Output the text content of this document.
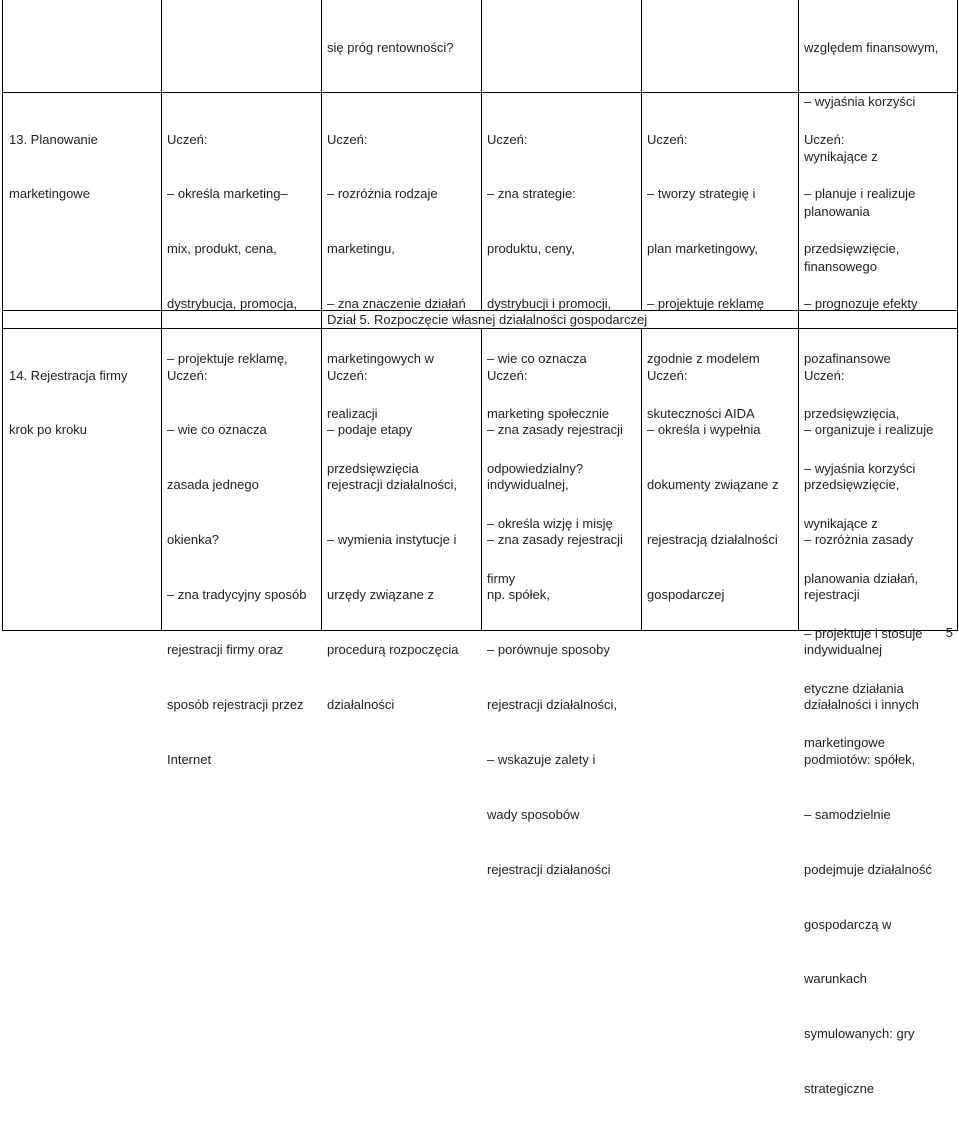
się próg rentowności?

	względem finansowym,

– wyjaśnia korzyści

wynikające z

planowania

finansowego

13. Planowanie

marketingowe

Uczeń:

– określa marketing–

mix, produkt, cena,

dystrybucja, promocja,

– projektuje reklamę,

Uczeń:

– rozróżnia rodzaje

marketingu,

– zna znaczenie działań

marketingowych w

realizacji

przedsięwzięcia

Uczeń:

– zna strategie:

produktu, ceny,

dystrybucji i promocji,

– wie co oznacza

marketing społecznie

odpowiedzialny?

– określa wizję i misję

firmy

Uczeń:

– tworzy strategię i

plan marketingowy,

– projektuje reklamę

zgodnie z modelem

skuteczności AIDA

Uczeń:

– planuje i realizuje

przedsięwzięcie,

– prognozuje efekty

pozafinansowe

przedsięwzięcia,

– wyjaśnia korzyści

wynikające z

planowania działań,

– projektuje i stosuje

etyczne działania

marketingowe

Dział 5. Rozpoczęcie własnej działalności gospodarczej

14. Rejestracja firmy

krok po kroku

Uczeń:

– wie co oznacza

zasada jednego

okienka?

– zna tradycyjny sposób

rejestracji firmy oraz

sposób rejestracji przez

Internet

Uczeń:

– podaje etapy

rejestracji działalności,

– wymienia instytucje i

urzędy związane z

procedurą rozpoczęcia

działalności

Uczeń:

– zna zasady rejestracji

indywidualnej,

– zna zasady rejestracji

np. spółek,

– porównuje sposoby

rejestracji działalności,

– wskazuje zalety i

wady sposobów

rejestracji działaności

Uczeń:

– określa i wypełnia

dokumenty związane z

rejestracją działalności

gospodarczej

Uczeń:

– organizuje i realizuje

przedsięwzięcie,

– rozróżnia zasady

rejestracji

indywidualnej

działalności i innych

podmiotów: spółek,

– samodzielnie

podejmuje działalność

gospodarczą w

warunkach

symulowanych: gry

strategiczne

5
